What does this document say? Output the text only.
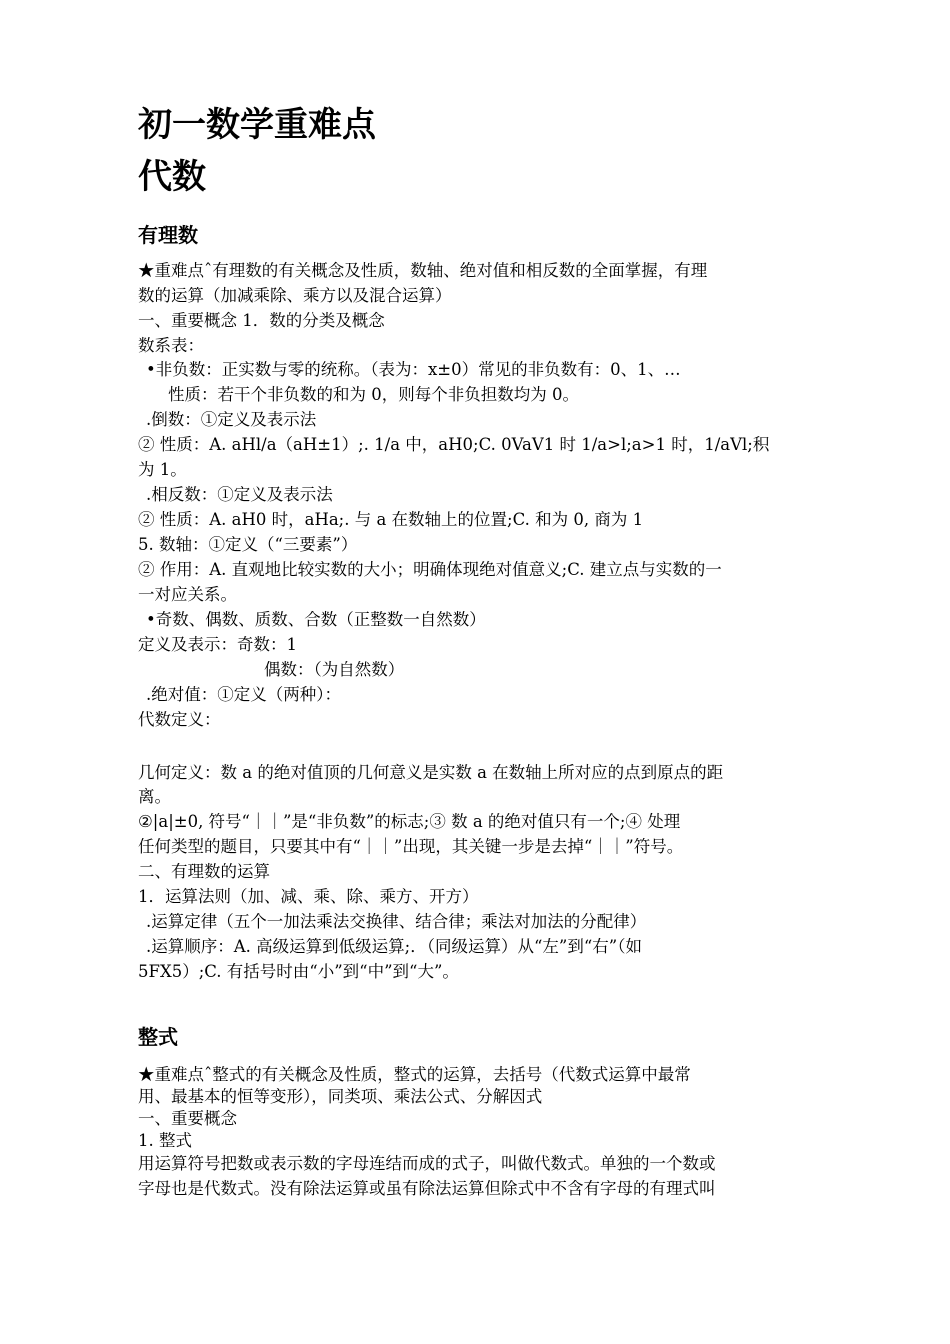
初一数学重难点
代数
有理数
★重难点ˆ有理数的有关概念及性质，数轴、绝对值和相反数的全面掌握，有理
数的运算（加减乘除、乘方以及混合运算）
一、重要概念 1．数的分类及概念
数系表：
•非负数：正实数与零的统称。（表为：x±0）常见的非负数有：0、1、…
性质：若干个非负数的和为 0，则每个非负担数均为 0。
.倒数：①定义及表示法
② 性质：A. aHl/a（aH±1）;. 1/a 中，aH0;C. 0VaV1 时 1/a>l;a>1 时，1/aVl;积
为 1。
.相反数：①定义及表示法
② 性质：A. aH0 时，aHa;. 与 a 在数轴上的位置;C. 和为 0, 商为 1
5. 数轴：①定义（“三要素”）
② 作用：A. 直观地比较实数的大小；明确体现绝对值意义;C. 建立点与实数的一
一对应关系。
•奇数、偶数、质数、合数（正整数一自然数）
定义及表示：奇数：1
偶数：（为自然数）
.绝对值：①定义（两种）：
代数定义：
几何定义：数 a 的绝对值顶的几何意义是实数 a 在数轴上所对应的点到原点的距
离。
②|a|±0, 符号“｜｜”是“非负数”的标志;③ 数 a 的绝对值只有一个;④ 处理
任何类型的题目，只要其中有“｜｜”出现，其关键一步是去掉“｜｜”符号。
二、有理数的运算
1．运算法则（加、减、乘、除、乘方、开方）
.运算定律（五个一加法乘法交换律、结合律；乘法对加法的分配律）
.运算顺序：A. 高级运算到低级运算;．（同级运算）从“左”到“右”（如
5FX5）;C. 有括号时由“小”到“中”到“大”。
整式
★重难点ˆ整式的有关概念及性质，整式的运算，去括号（代数式运算中最常
用、最基本的恒等变形），同类项、乘法公式、分解因式
一、重要概念
1. 整式
用运算符号把数或表示数的字母连结而成的式子，叫做代数式。单独的一个数或
字母也是代数式。没有除法运算或虽有除法运算但除式中不含有字母的有理式叫
